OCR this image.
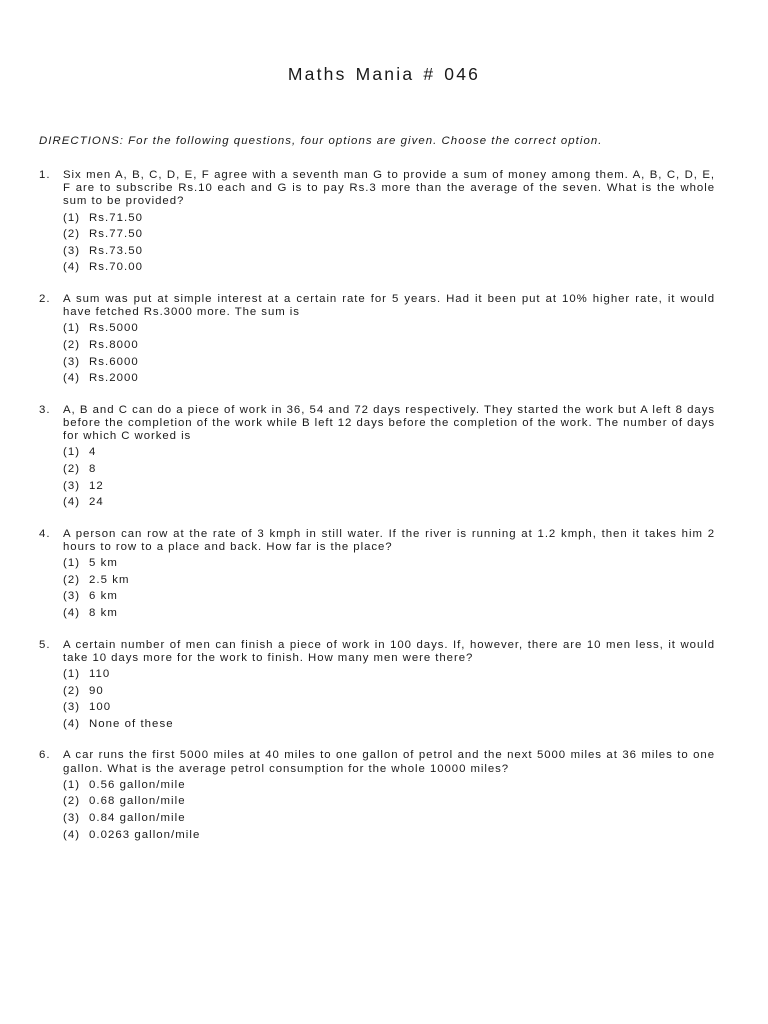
Maths Mania # 046
DIRECTIONS: For the following questions, four options are given. Choose the correct option.
1. Six men A, B, C, D, E, F agree with a seventh man G to provide a sum of money among them. A, B, C, D, E, F are to subscribe Rs.10 each and G is to pay Rs.3 more than the average of the seven. What is the whole sum to be provided?

(1) Rs.71.50
(2) Rs.77.50
(3) Rs.73.50
(4) Rs.70.00
2. A sum was put at simple interest at a certain rate for 5 years. Had it been put at 10% higher rate, it would have fetched Rs.3000 more. The sum is

(1) Rs.5000
(2) Rs.8000
(3) Rs.6000
(4) Rs.2000
3. A, B and C can do a piece of work in 36, 54 and 72 days respectively. They started the work but A left 8 days before the completion of the work while B left 12 days before the completion of the work. The number of days for which C worked is

(1) 4
(2) 8
(3) 12
(4) 24
4. A person can row at the rate of 3 kmph in still water. If the river is running at 1.2 kmph, then it takes him 2 hours to row to a place and back. How far is the place?

(1) 5 km
(2) 2.5 km
(3) 6 km
(4) 8 km
5. A certain number of men can finish a piece of work in 100 days. If, however, there are 10 men less, it would take 10 days more for the work to finish. How many men were there?

(1) 110
(2) 90
(3) 100
(4) None of these
6. A car runs the first 5000 miles at 40 miles to one gallon of petrol and the next 5000 miles at 36 miles to one gallon. What is the average petrol consumption for the whole 10000 miles?

(1) 0.56 gallon/mile
(2) 0.68 gallon/mile
(3) 0.84 gallon/mile
(4) 0.0263 gallon/mile
